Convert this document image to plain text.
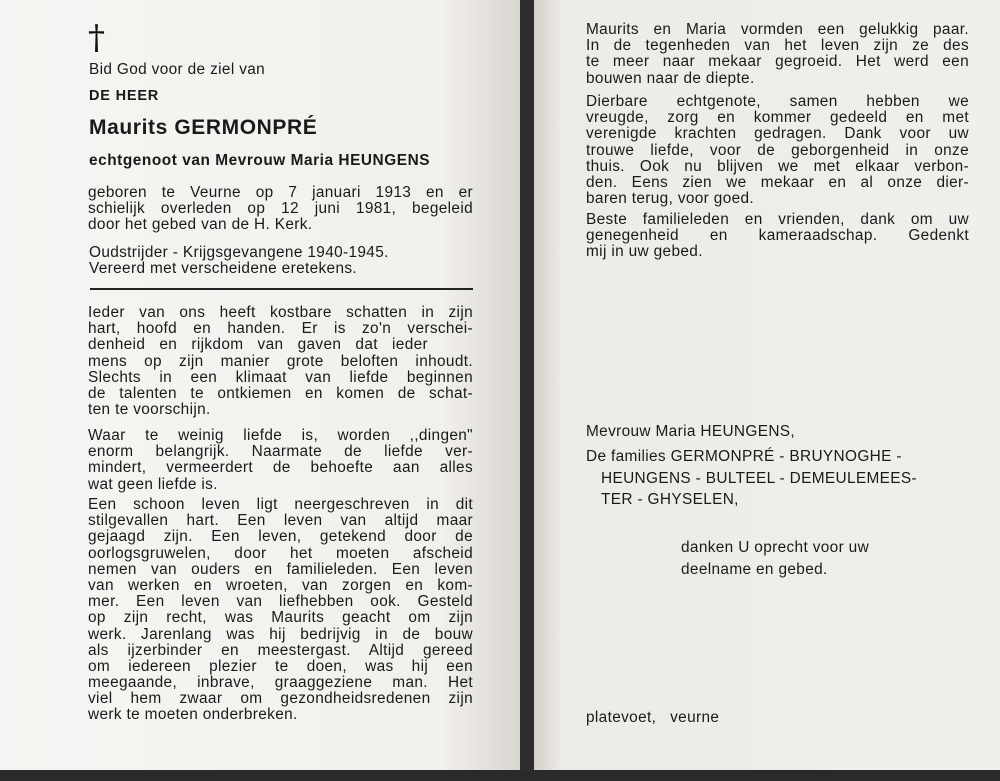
†
Bid God voor de ziel van
DE HEER
Maurits GERMONPRÉ
echtgenoot van Mevrouw Maria HEUNGENS
geboren te Veurne op 7 januari 1913 en er
schielijk overleden op 12 juni 1981, begeleid
door het gebed van de H. Kerk.
Oudstrijder - Krijgsgevangene 1940-1945.
Vereerd met verscheidene eretekens.
Ieder van ons heeft kostbare schatten in zijn
hart, hoofd en handen. Er is zo'n verschei-
denheid en rijkdom van gaven dat ieder
mens op zijn manier grote beloften inhoudt.
Slechts in een klimaat van liefde beginnen
de talenten te ontkiemen en komen de schat-
ten te voorschijn.
Waar te weinig liefde is, worden ,,dingen"
enorm belangrijk. Naarmate de liefde ver-
mindert, vermeerdert de behoefte aan alles
wat geen liefde is.
Een schoon leven ligt neergeschreven in dit
stilgevallen hart. Een leven van altijd maar
gejaagd zijn. Een leven, getekend door de
oorlogsgruwelen, door het moeten afscheid
nemen van ouders en familieleden. Een leven
van werken en wroeten, van zorgen en kom-
mer. Een leven van liefhebben ook. Gesteld
op zijn recht, was Maurits geacht om zijn
werk. Jarenlang was hij bedrijvig in de bouw
als ijzerbinder en meestergast. Altijd gereed
om iedereen plezier te doen, was hij een
meegaande, inbrave, graaggeziene man. Het
viel hem zwaar om gezondheidsredenen zijn
werk te moeten onderbreken.
Maurits en Maria vormden een gelukkig paar.
In de tegenheden van het leven zijn ze des
te meer naar mekaar gegroeid. Het werd een
bouwen naar de diepte.
Dierbare echtgenote, samen hebben we
vreugde, zorg en kommer gedeeld en met
verenigde krachten gedragen. Dank voor uw
trouwe liefde, voor de geborgenheid in onze
thuis. Ook nu blijven we met elkaar verbon-
den. Eens zien we mekaar en al onze dier-
baren terug, voor goed.
Beste familieleden en vrienden, dank om uw
genegenheid en kameraadschap. Gedenkt
mij in uw gebed.
Mevrouw Maria HEUNGENS,
De families GERMONPRÉ - BRUYNOGHE -
HEUNGENS - BULTEEL - DEMEULEMEES-
TER - GHYSELEN,
danken U oprecht voor uw
deelname en gebed.
platevoet,   veurne
